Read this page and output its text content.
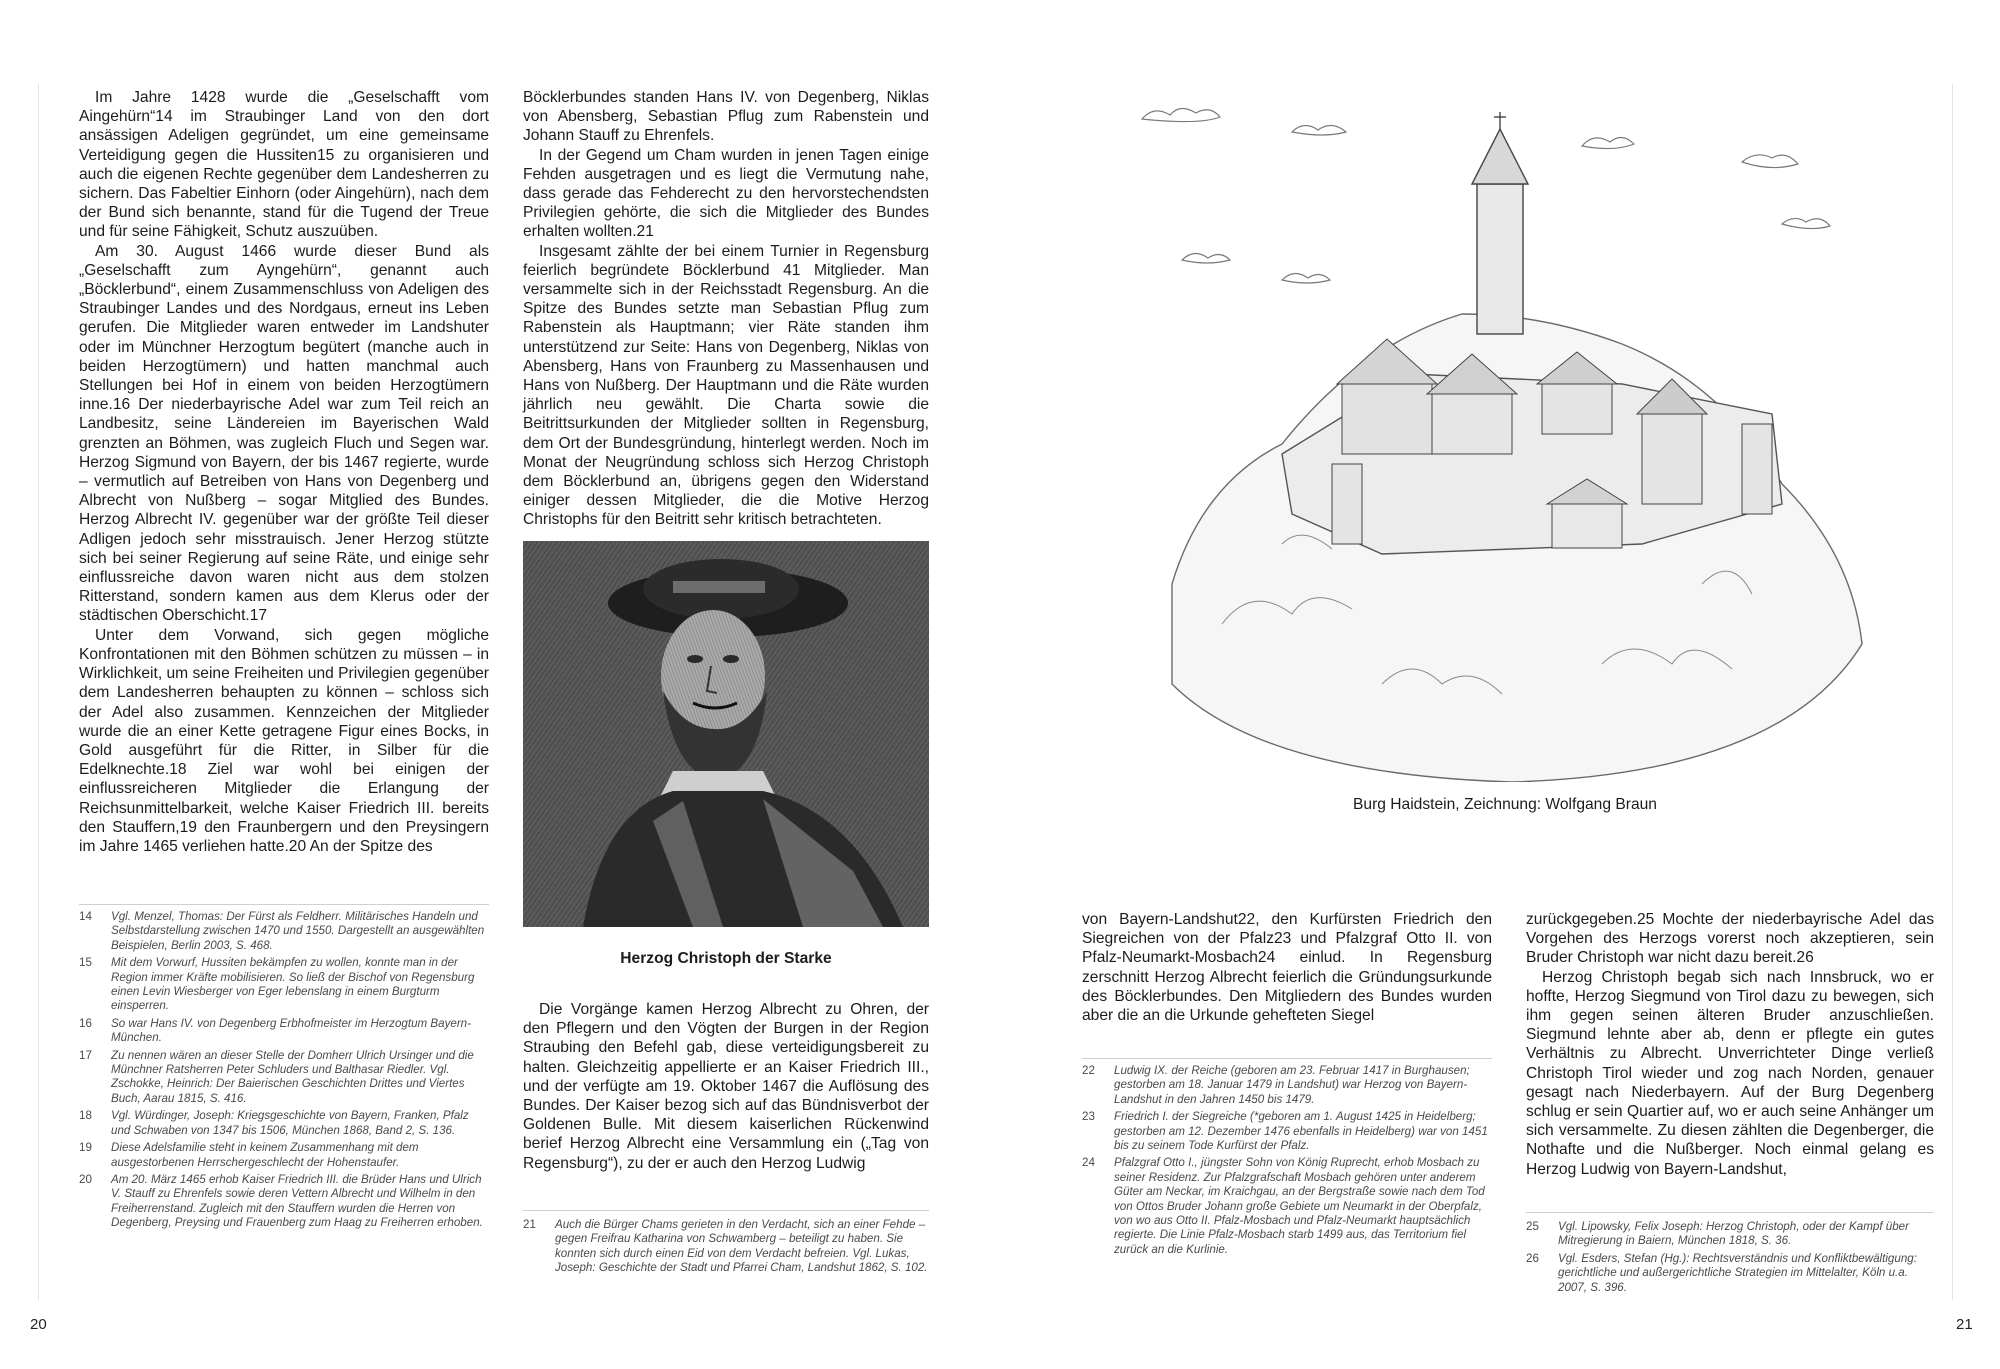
Im Jahre 1428 wurde die „Geselschafft vom Aingehürn“14 im Straubinger Land von den dort ansässigen Adeligen gegründet, um eine gemeinsame Verteidigung gegen die Hussiten15 zu organisieren und auch die eigenen Rechte gegenüber dem Landesherren zu sichern. Das Fabeltier Einhorn (oder Aingehürn), nach dem der Bund sich benannte, stand für die Tugend der Treue und für seine Fähigkeit, Schutz auszuüben.

Am 30. August 1466 wurde dieser Bund als „Geselschafft zum Ayngehürn“, genannt auch „Böcklerbund“, einem Zusammenschluss von Adeligen des Straubinger Landes und des Nordgaus, erneut ins Leben gerufen. Die Mitglieder waren entweder im Landshuter oder im Münchner Herzogtum begütert (manche auch in beiden Herzogtümern) und hatten manchmal auch Stellungen bei Hof in einem von beiden Herzogtümern inne.16 Der niederbayrische Adel war zum Teil reich an Landbesitz, seine Ländereien im Bayerischen Wald grenzten an Böhmen, was zugleich Fluch und Segen war. Herzog Sigmund von Bayern, der bis 1467 regierte, wurde – vermutlich auf Betreiben von Hans von Degenberg und Albrecht von Nußberg – sogar Mitglied des Bundes. Herzog Albrecht IV. gegenüber war der größte Teil dieser Adligen jedoch sehr misstrauisch. Jener Herzog stützte sich bei seiner Regierung auf seine Räte, und einige sehr einflussreiche davon waren nicht aus dem stolzen Ritterstand, sondern kamen aus dem Klerus oder der städtischen Oberschicht.17

Unter dem Vorwand, sich gegen mögliche Konfrontationen mit den Böhmen schützen zu müssen – in Wirklichkeit, um seine Freiheiten und Privilegien gegenüber dem Landesherren behaupten zu können – schloss sich der Adel also zusammen. Kennzeichen der Mitglieder wurde die an einer Kette getragene Figur eines Bocks, in Gold ausgeführt für die Ritter, in Silber für die Edelknechte.18 Ziel war wohl bei einigen der einflussreicheren Mitglieder die Erlangung der Reichsunmittelbarkeit, welche Kaiser Friedrich III. bereits den Stauffern,19 den Fraunbergern und den Preysingern im Jahre 1465 verliehen hatte.20 An der Spitze des

14	Vgl. Menzel, Thomas: Der Fürst als Feldherr. Militärisches Handeln und Selbstdarstellung zwischen 1470 und 1550. Dargestellt an ausgewählten Beispielen, Berlin 2003, S. 468.
15	Mit dem Vorwurf, Hussiten bekämpfen zu wollen, konnte man in der Region immer Kräfte mobilisieren. So ließ der Bischof von Regensburg einen Levin Wiesberger von Eger lebenslang in einem Burgturm einsperren.
16	So war Hans IV. von Degenberg Erbhofmeister im Herzogtum Bayern-München.
17	Zu nennen wären an dieser Stelle der Domherr Ulrich Ursinger und die Münchner Ratsherren Peter Schluders und Balthasar Riedler. Vgl. Zschokke, Heinrich: Der Baierischen Geschichten Drittes und Viertes Buch, Aarau 1815, S. 416.
18	Vgl. Würdinger, Joseph: Kriegsgeschichte von Bayern, Franken, Pfalz und Schwaben von 1347 bis 1506, München 1868, Band 2, S. 136.
19	Diese Adelsfamilie steht in keinem Zusammenhang mit dem ausgestorbenen Herrschergeschlecht der Hohenstaufer.
20	Am 20. März 1465 erhob Kaiser Friedrich III. die Brüder Hans und Ulrich V. Stauff zu Ehrenfels sowie deren Vettern Albrecht und Wilhelm in den Freiherrenstand. Zugleich mit den Stauffern wurden die Herren von Degenberg, Preysing und Frauenberg zum Haag zu Freiherren erhoben.

Böcklerbundes standen Hans IV. von Degenberg, Niklas von Abensberg, Sebastian Pflug zum Rabenstein und Johann Stauff zu Ehrenfels.

In der Gegend um Cham wurden in jenen Tagen einige Fehden ausgetragen und es liegt die Vermutung nahe, dass gerade das Fehderecht zu den hervorstechendsten Privilegien gehörte, die sich die Mitglieder des Bundes erhalten wollten.21

Insgesamt zählte der bei einem Turnier in Regensburg feierlich begründete Böcklerbund 41 Mitglieder. Man versammelte sich in der Reichsstadt Regensburg. An die Spitze des Bundes setzte man Sebastian Pflug zum Rabenstein als Hauptmann; vier Räte standen ihm unterstützend zur Seite: Hans von Degenberg, Niklas von Abensberg, Hans von Fraunberg zu Massenhausen und Hans von Nußberg. Der Hauptmann und die Räte wurden jährlich neu gewählt. Die Charta sowie die Beitrittsurkunden der Mitglieder sollten in Regensburg, dem Ort der Bundesgründung, hinterlegt werden. Noch im Monat der Neugründung schloss sich Herzog Christoph dem Böcklerbund an, übrigens gegen den Widerstand einiger dessen Mitglieder, die die Motive Herzog Christophs für den Beitritt sehr kritisch betrachteten.

Herzog Christoph der Starke

Die Vorgänge kamen Herzog Albrecht zu Ohren, der den Pflegern und den Vögten der Burgen in der Region Straubing den Befehl gab, diese verteidigungsbereit zu halten. Gleichzeitig appellierte er an Kaiser Friedrich III., und der verfügte am 19. Oktober 1467 die Auflösung des Bundes. Der Kaiser bezog sich auf das Bündnisverbot der Goldenen Bulle. Mit diesem kaiserlichen Rückenwind berief Herzog Albrecht eine Versammlung ein („Tag von Regensburg“), zu der er auch den Herzog Ludwig

21	Auch die Bürger Chams gerieten in den Verdacht, sich an einer Fehde – gegen Freifrau Katharina von Schwamberg – beteiligt zu haben. Sie konnten sich durch einen Eid von dem Verdacht befreien. Vgl. Lukas, Joseph: Geschichte der Stadt und Pfarrei Cham, Landshut 1862, S. 102.
20
Burg Haidstein, Zeichnung: Wolfgang Braun

von Bayern-Landshut22, den Kurfürsten Friedrich den Siegreichen von der Pfalz23 und Pfalzgraf Otto II. von Pfalz-Neumarkt-Mosbach24 einlud. In Regensburg zerschnitt Herzog Albrecht feierlich die Gründungsurkunde des Böcklerbundes. Den Mitgliedern des Bundes wurden aber die an die Urkunde gehefteten Siegel

22	Ludwig IX. der Reiche (geboren am 23. Februar 1417 in Burghausen; gestorben am 18. Januar 1479 in Landshut) war Herzog von Bayern-Landshut in den Jahren 1450 bis 1479.
23	Friedrich I. der Siegreiche (*geboren am 1. August 1425 in Heidelberg; gestorben am 12. Dezember 1476 ebenfalls in Heidelberg) war von 1451 bis zu seinem Tode Kurfürst der Pfalz.
24	Pfalzgraf Otto I., jüngster Sohn von König Ruprecht, erhob Mosbach zu seiner Residenz. Zur Pfalzgrafschaft Mosbach gehören unter anderem Güter am Neckar, im Kraichgau, an der Bergstraße sowie nach dem Tod von Ottos Bruder Johann große Gebiete um Neumarkt in der Oberpfalz, von wo aus Otto II. Pfalz-Mosbach und Pfalz-Neumarkt hauptsächlich regierte. Die Linie Pfalz-Mosbach starb 1499 aus, das Territorium fiel zurück an die Kurlinie.

zurückgegeben.25 Mochte der niederbayrische Adel das Vorgehen des Herzogs vorerst noch akzeptieren, sein Bruder Christoph war nicht dazu bereit.26

Herzog Christoph begab sich nach Innsbruck, wo er hoffte, Herzog Siegmund von Tirol dazu zu bewegen, sich ihm gegen seinen älteren Bruder anzuschließen. Siegmund lehnte aber ab, denn er pflegte ein gutes Verhältnis zu Albrecht. Unverrichteter Dinge verließ Christoph Tirol wieder und zog nach Norden, genauer gesagt nach Niederbayern. Auf der Burg Degenberg schlug er sein Quartier auf, wo er auch seine Anhänger um sich versammelte. Zu diesen zählten die Degenberger, die Nothafte und die Nußberger. Noch einmal gelang es Herzog Ludwig von Bayern-Landshut,

25	Vgl. Lipowsky, Felix Joseph: Herzog Christoph, oder der Kampf über Mitregierung in Baiern, München 1818, S. 36.
26	Vgl. Esders, Stefan (Hg.): Rechtsverständnis und Konfliktbewältigung: gerichtliche und außergerichtliche Strategien im Mittelalter, Köln u.a. 2007, S. 396.
21
